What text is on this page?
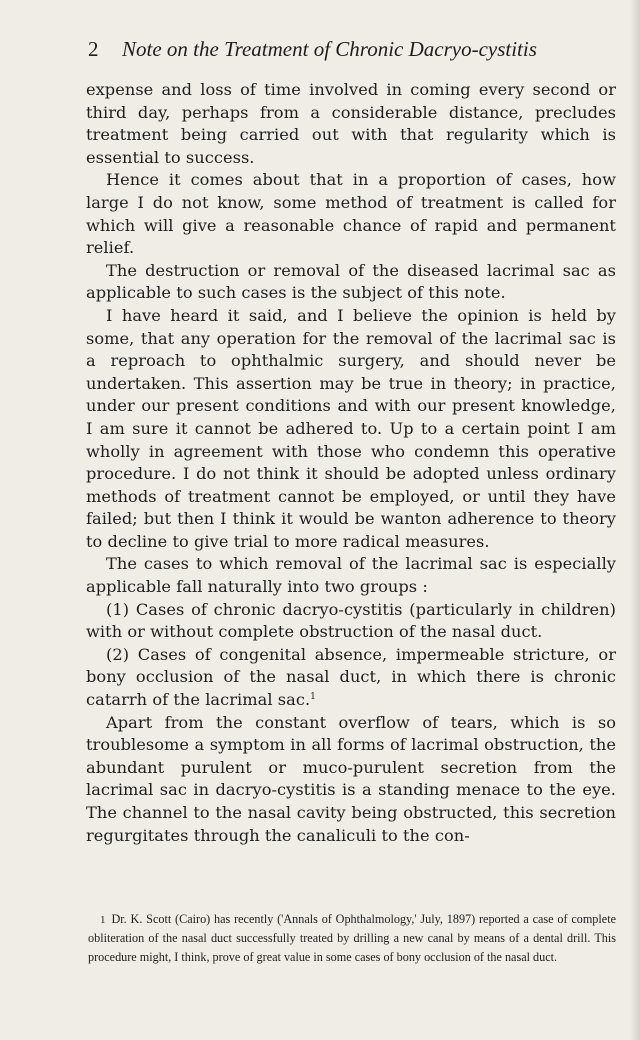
2 Note on the Treatment of Chronic Dacryo-cystitis

expense and loss of time involved in coming every second or third day, perhaps from a considerable distance, precludes treatment being carried out with that regularity which is essential to success.

Hence it comes about that in a proportion of cases, how large I do not know, some method of treatment is called for which will give a reasonable chance of rapid and permanent relief.

The destruction or removal of the diseased lacrimal sac as applicable to such cases is the subject of this note.

I have heard it said, and I believe the opinion is held by some, that any operation for the removal of the lacrimal sac is a reproach to ophthalmic surgery, and should never be undertaken. This assertion may be true in theory; in practice, under our present conditions and with our present knowledge, I am sure it cannot be adhered to. Up to a certain point I am wholly in agreement with those who condemn this operative procedure. I do not think it should be adopted unless ordinary methods of treatment cannot be employed, or until they have failed; but then I think it would be wanton adherence to theory to decline to give trial to more radical measures.

The cases to which removal of the lacrimal sac is especially applicable fall naturally into two groups :

(1) Cases of chronic dacryo-cystitis (particularly in children) with or without complete obstruction of the nasal duct.

(2) Cases of congenital absence, impermeable stricture, or bony occlusion of the nasal duct, in which there is chronic catarrh of the lacrimal sac.$^1$

Apart from the constant overflow of tears, which is so troublesome a symptom in all forms of lacrimal obstruction, the abundant purulent or muco-purulent secretion from the lacrimal sac in dacryo-cystitis is a standing menace to the eye. The channel to the nasal cavity being obstructed, this secretion regurgitates through the canaliculi to the con-

1 Dr. K. Scott (Cairo) has recently ('Annals of Ophthalmology,' July, 1897) reported a case of complete obliteration of the nasal duct successfully treated by drilling a new canal by means of a dental drill. This procedure might, I think, prove of great value in some cases of bony occlusion of the nasal duct.
